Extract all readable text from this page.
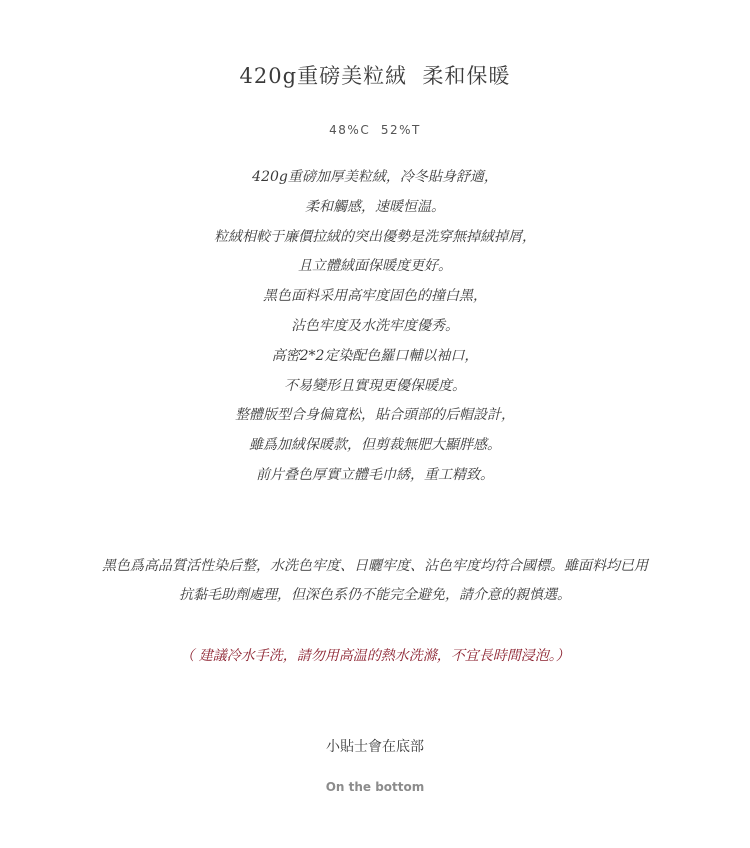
420g重磅美粒絨  柔和保暖
48%C  52%T
420g重磅加厚美粒絨，冷冬貼身舒適，
柔和觸感，速暖恒温。
粒絨相較于廉價拉絨的突出優勢是洗穿無掉絨掉屑，
且立體絨面保暖度更好。
黑色面料采用高牢度固色的撞白黑，
沾色牢度及水洗牢度優秀。
高密2*2定染配色羅口輔以袖口，
不易變形且實現更優保暖度。
整體版型合身偏寬松，貼合頭部的后帽設計，
雖爲加絨保暖款，但剪裁無肥大顯胖感。
前片叠色厚實立體毛巾綉，重工精致。
黑色爲高品質活性染后整，水洗色牢度、日曬牢度、沾色牢度均符合國標。雖面料均已用
抗黏毛助劑處理，但深色系仍不能完全避免，請介意的親慎選。
（ 建議冷水手洗，請勿用高温的熱水洗滌，不宜長時間浸泡。）
小貼士會在底部
On the bottom
